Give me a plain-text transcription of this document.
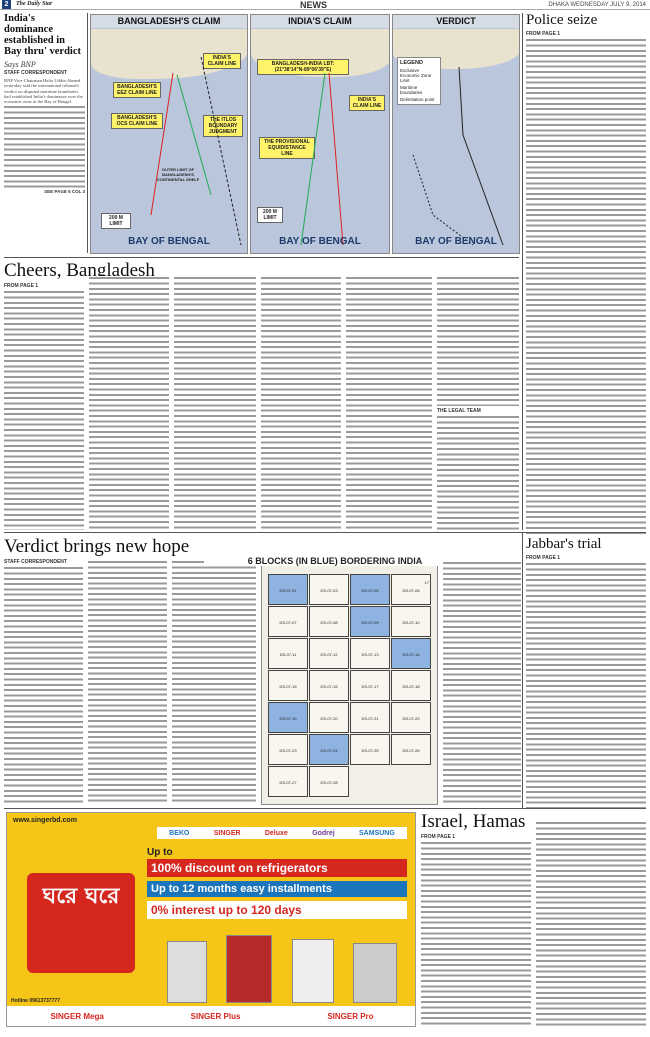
2	The Daily Star	NEWS	DHAKA WEDNESDAY JULY 9, 2014
India's dominance established in Bay thru' verdict
Says BNP
STAFF CORRESPONDENT
BNP Vice-Chairman Hafiz Uddin Ahmed yesterday said the international tribunal's verdict on disputed maritime boundaries had established India's dominance over the economic zone in the Bay of Bengal.
SEE PAGE 5 COL 3
BANGLADESH'S CLAIM
INDIA'S CLAIM LINE
BANGLADESH'S EEZ CLAIM LINE
BANGLADESH'S OCS CLAIM LINE
THE ITLOS BOUNDARY JUDGMENT
OUTER LIMIT OF BANGLADESH'S CONTINENTAL SHELF
200 M LIMIT
BAY OF BENGAL
INDIA'S CLAIM
BANGLADESH-INDIA LBT: (21°38'14"N-89°06'39"E)
INDIA'S CLAIM LINE
THE PROVISIONAL EQUIDISTANCE LINE
200 M LIMIT
BAY OF BENGAL
VERDICT
LEGEND
Exclusive Economic Zone Limit
Maritime boundaries
Delimitation point
BAY OF BENGAL
Police seize
FROM PAGE 1
Cheers, Bangladesh
FROM PAGE 1
THE LEGAL TEAM
Verdict brings new hope
STAFF CORRESPONDENT	6 BLOCKS (IN BLUE) BORDERING INDIA
DS-07-01	DS-07-03	DS-07-05	DS-07-06
DS-07-07	DS-07-08	DS-07-09	DS-07-10
DS-07-11	DS-07-12	DS-07-13	DS-07-14
DS-07-15	DS-07-16	DS-07-17	DS-07-18
DS-07-19	DS-07-20	DS-07-21	DS-07-22
DS-07-23	DS-07-24	DS-07-25	DS-07-26
DS-07-27	DS-07-28
17
Jabbar's trial
FROM PAGE 1
www.singerbd.com
BEKO	SINGER	Deluxe	Godrej	SAMSUNG
ঘরে ঘরে
Up to
100% discount on refrigerators
Up to 12 months easy installments
0% interest up to 120 days
SINGER Mega	SINGER Plus	SINGER Pro
Hotline 09613737777
Israel, Hamas
FROM PAGE 1
